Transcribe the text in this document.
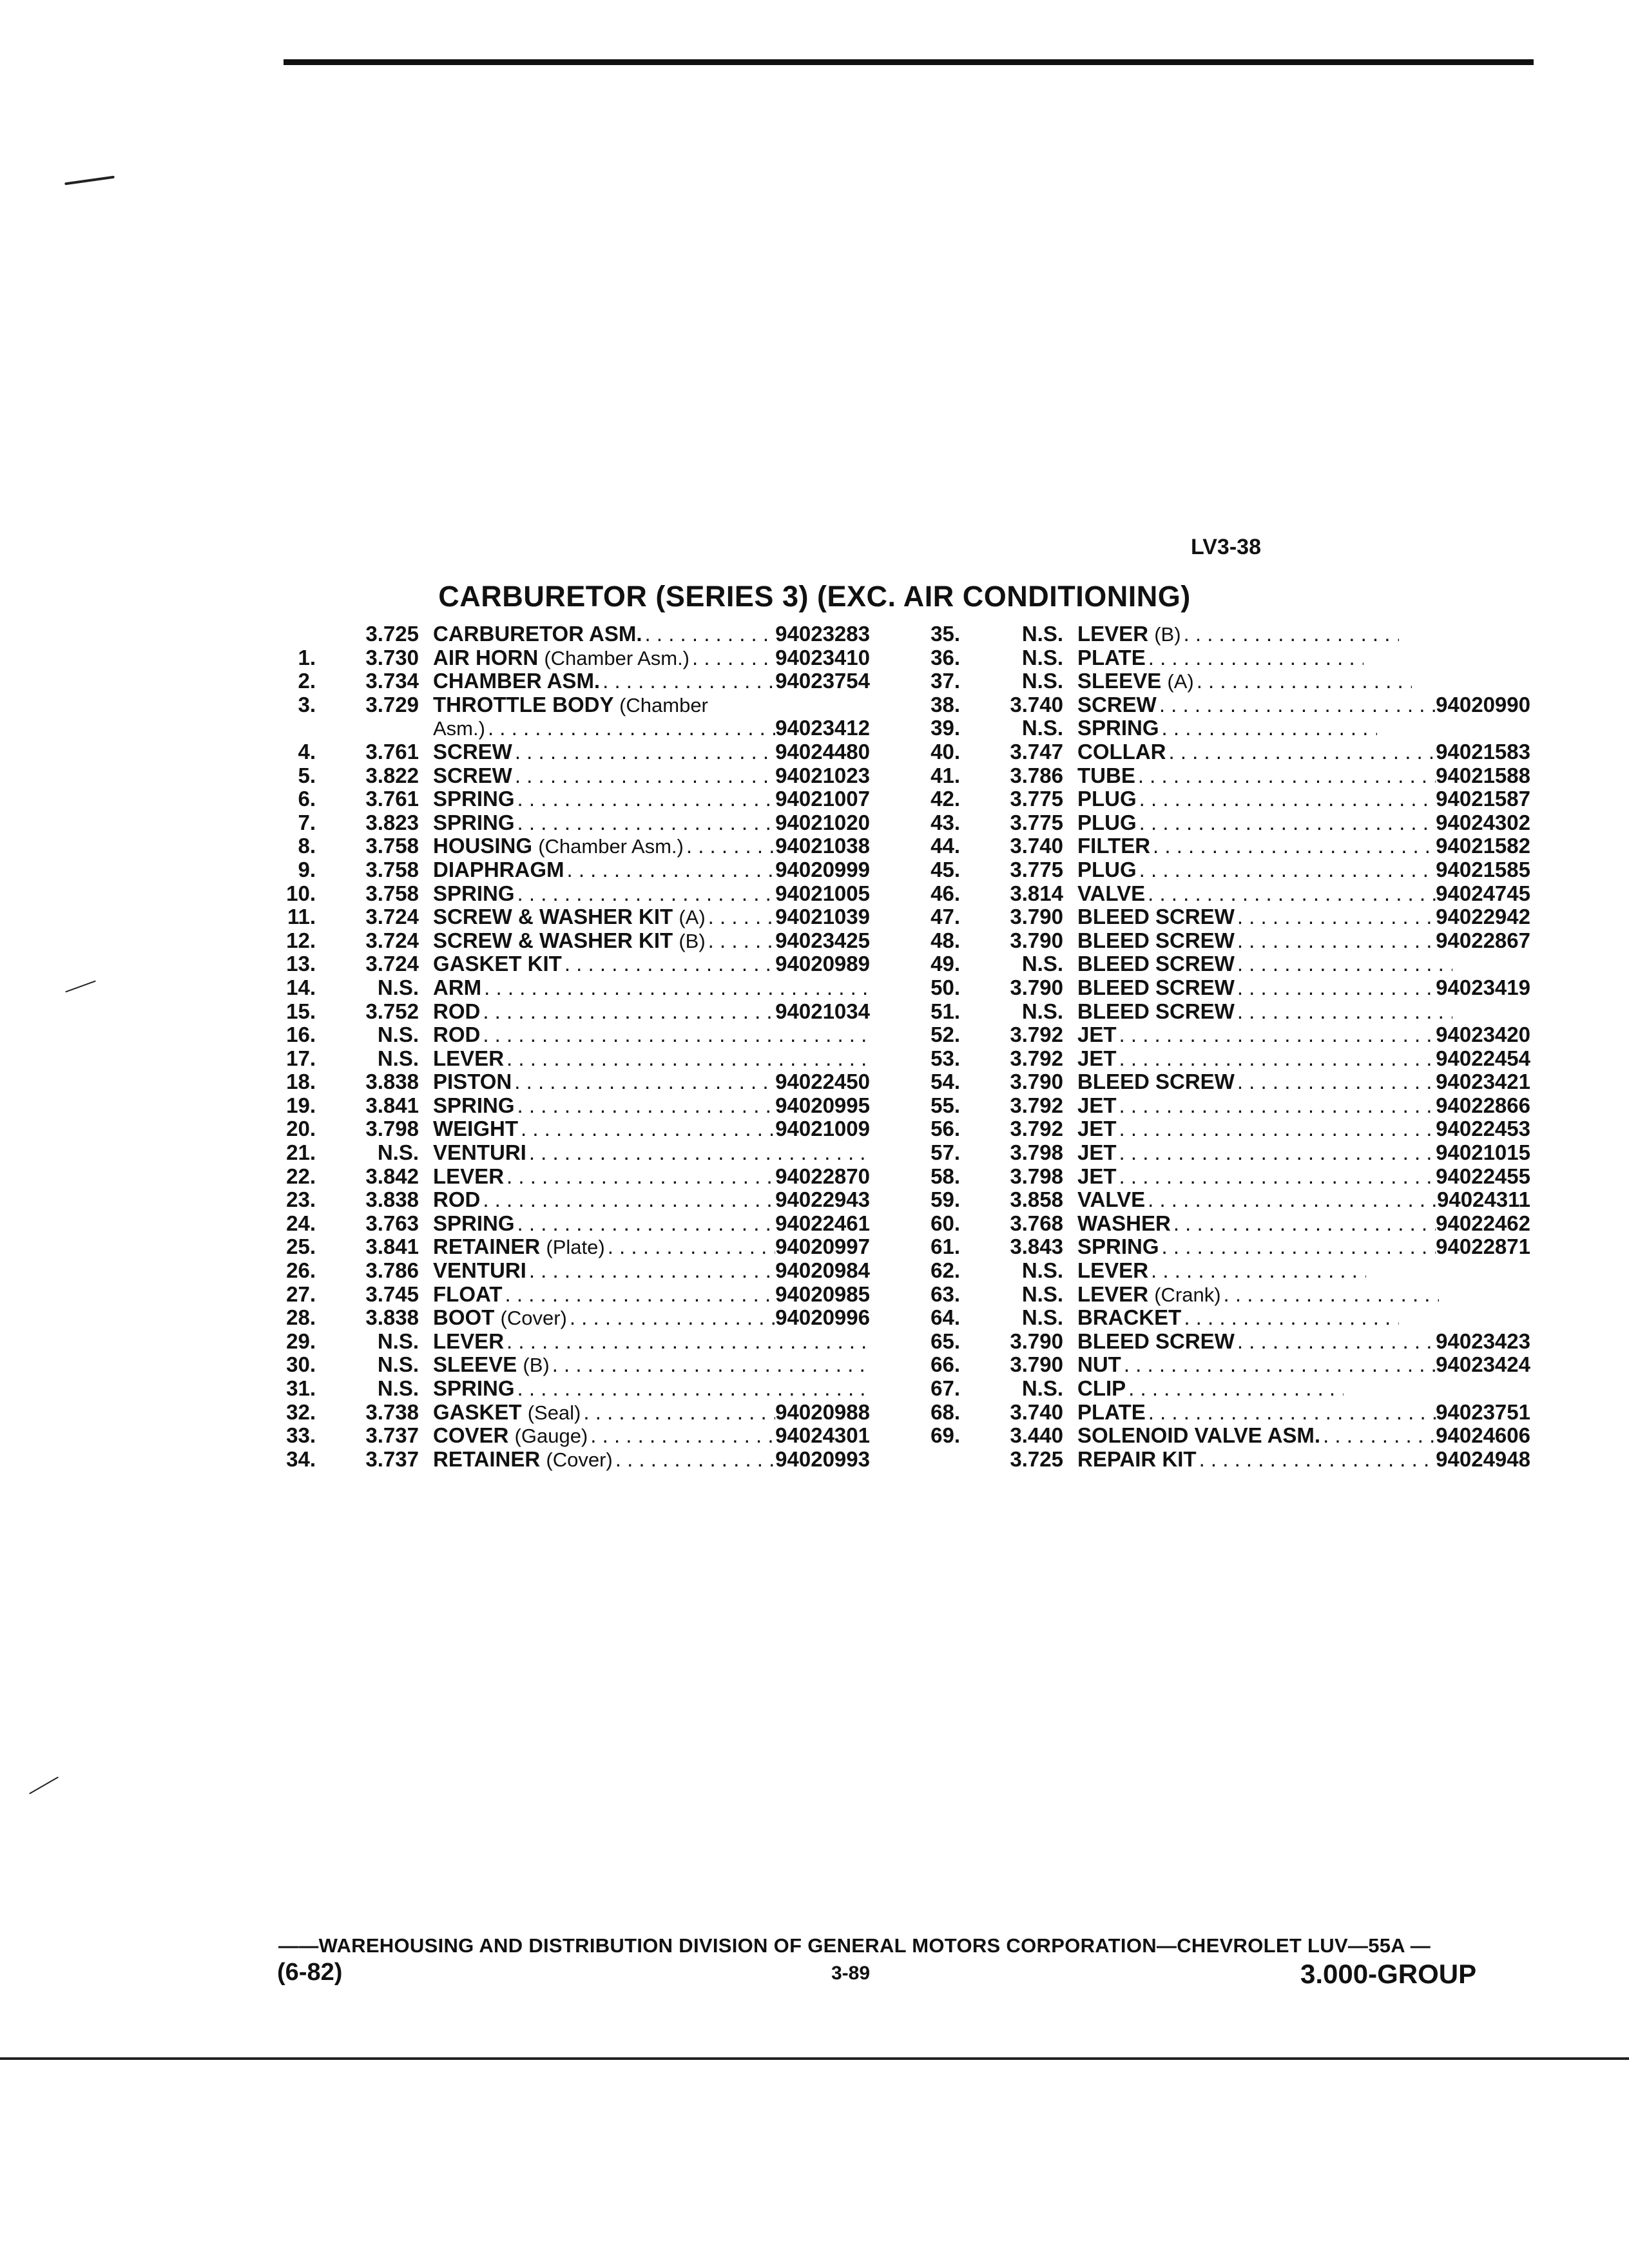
LV3-38
CARBURETOR (SERIES 3) (EXC. AIR CONDITIONING)
3.725 CARBURETOR ASM. . . .	94023283
1.	3.730 AIR HORN (Chamber Asm.) . . .	94023410
2.	3.734 CHAMBER ASM. . . .	94023754
3.	3.729 THROTTLE BODY (Chamber
Asm.) . . .	94023412
4.	3.761 SCREW . . .	94024480
5.	3.822 SCREW . . .	94021023
6.	3.761 SPRING . . .	94021007
7.	3.823 SPRING . . .	94021020
8.	3.758 HOUSING (Chamber Asm.) . . .	94021038
9.	3.758 DIAPHRAGM . . .	94020999
10.	3.758 SPRING . . .	94021005
11.	3.724 SCREW & WASHER KIT (A) . . .	94021039
12.	3.724 SCREW & WASHER KIT (B) . . .	94023425
13.	3.724 GASKET KIT . . .	94020989
14.	N.S. ARM
. . .
15.	3.752 ROD . . .	94021034
16.	N.S. ROD
. . .
17.	N.S. LEVER
. . .
18.	3.838 PISTON . . .	94022450
19.	3.841 SPRING . . .	94020995
20.	3.798 WEIGHT . . .	94021009
21.	N.S. VENTURI
. . .
22.	3.842 LEVER . . .	94022870
23.	3.838 ROD . . .	94022943
24.	3.763 SPRING . . .	94022461
25.	3.841 RETAINER (Plate) . . .	94020997
26.	3.786 VENTURI . . .	94020984
27.	3.745 FLOAT . . .	94020985
28.	3.838 BOOT (Cover) . . .	94020996
29.	N.S. LEVER
. . .
30.	N.S. SLEEVE (B)
. . .
31.	N.S. SPRING
. . .
32.	3.738 GASKET (Seal) . . .	94020988
33.	3.737 COVER (Gauge) . . .	94024301
34.	3.737 RETAINER (Cover) . . .	94020993
35.	N.S. LEVER (B)
. . .
36.	N.S. PLATE
. . .
37.	N.S. SLEEVE (A)
. . .
38.	3.740 SCREW . . .	94020990
39.	N.S. SPRING
. . .
40.	3.747 COLLAR . . .	94021583
41.	3.786 TUBE . . .	94021588
42.	3.775 PLUG . . .	94021587
43.	3.775 PLUG . . .	94024302
44.	3.740 FILTER . . .	94021582
45.	3.775 PLUG . . .	94021585
46.	3.814 VALVE . . .	94024745
47.	3.790 BLEED SCREW . . .	94022942
48.	3.790 BLEED SCREW . . .	94022867
49.	N.S. BLEED SCREW
. . .
50.	3.790 BLEED SCREW . . .	94023419
51.	N.S. BLEED SCREW
. . .
52.	3.792 JET . . .	94023420
53.	3.792 JET . . .	94022454
54.	3.790 BLEED SCREW . . .	94023421
55.	3.792 JET . . .	94022866
56.	3.792 JET . . .	94022453
57.	3.798 JET . . .	94021015
58.	3.798 JET . . .	94022455
59.	3.858 VALVE . . .	94024311
60.	3.768 WASHER . . .	94022462
61.	3.843 SPRING . . .	94022871
62.	N.S. LEVER
. . .
63.	N.S. LEVER (Crank)
. . .
64.	N.S. BRACKET
. . .
65.	3.790 BLEED SCREW . . .	94023423
66.	3.790 NUT . . .	94023424
67.	N.S. CLIP
. . .
68.	3.740 PLATE . . .	94023751
69.	3.440 SOLENOID VALVE ASM. . . .	94024606
3.725 REPAIR KIT . . .	94024948
——WAREHOUSING AND DISTRIBUTION DIVISION OF GENERAL MOTORS CORPORATION—CHEVROLET LUV—55A —
(6-82)	3-89	3.000-GROUP
